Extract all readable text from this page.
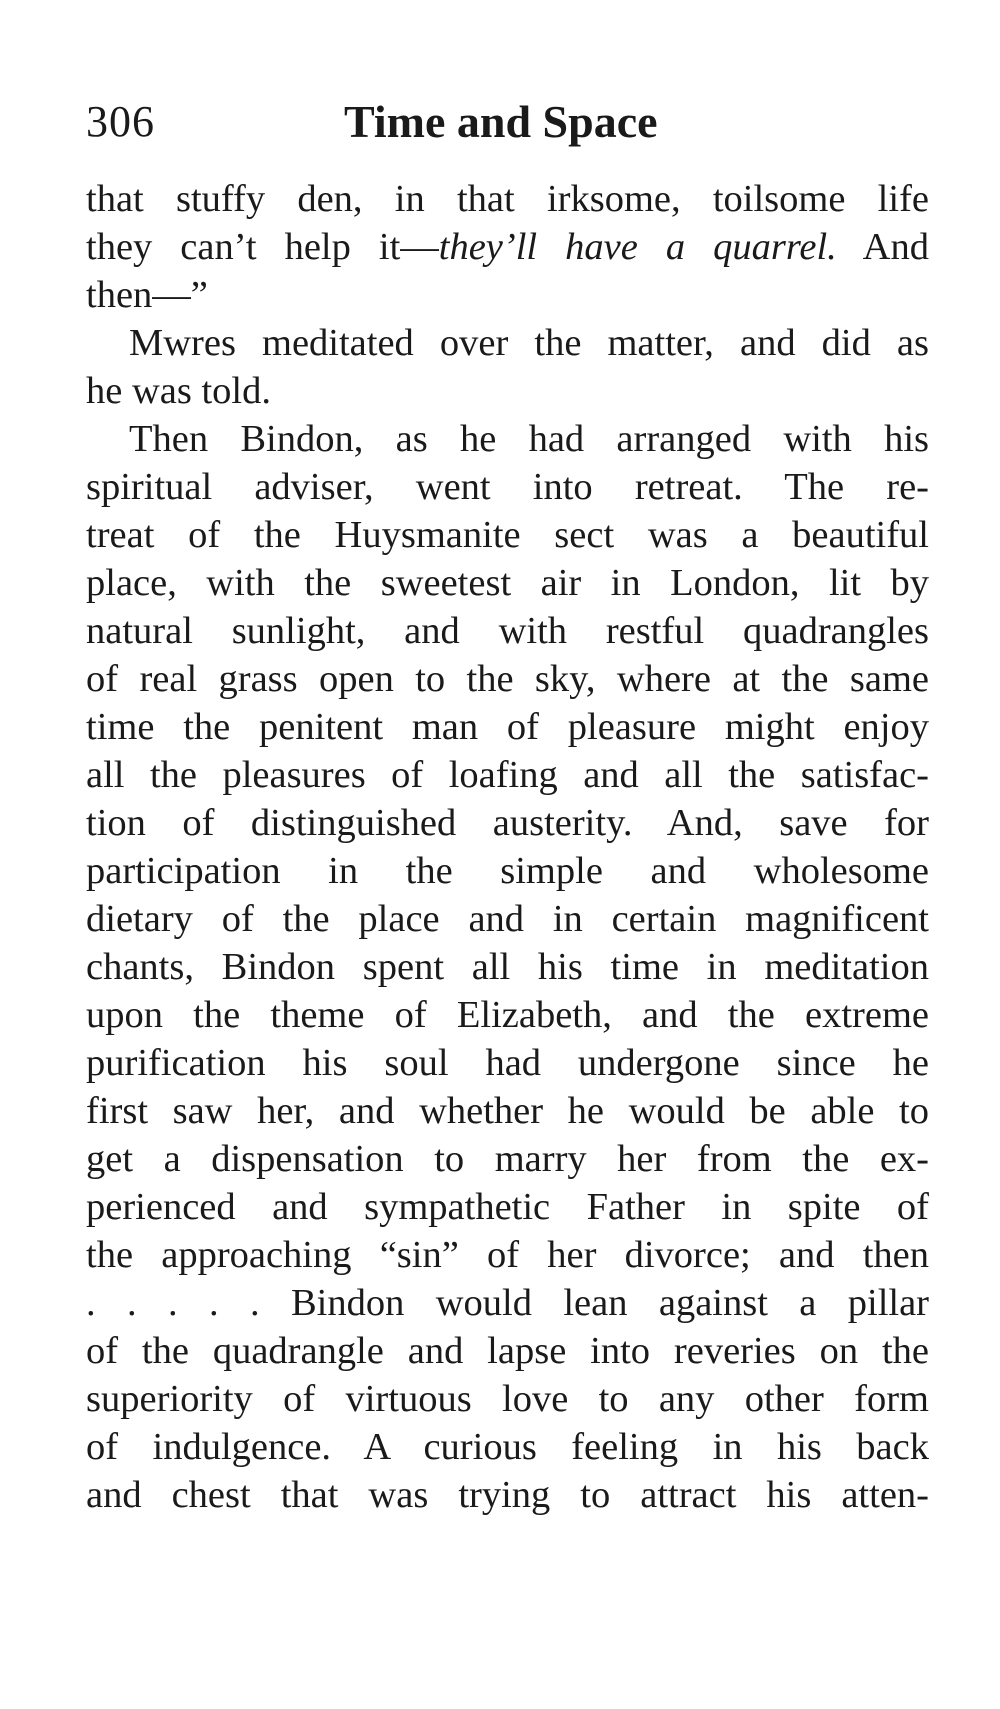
306	Time and Space
that stuffy den, in that irksome, toilsome life
they can’t help it—they’ll have a quarrel. And
then—”
Mwres meditated over the matter, and did as
he was told.
Then Bindon, as he had arranged with his
spiritual adviser, went into retreat. The re-
treat of the Huysmanite sect was a beautiful
place, with the sweetest air in London, lit by
natural sunlight, and with restful quadrangles
of real grass open to the sky, where at the same
time the penitent man of pleasure might enjoy
all the pleasures of loafing and all the satisfac-
tion of distinguished austerity. And, save for
participation in the simple and wholesome
dietary of the place and in certain magnificent
chants, Bindon spent all his time in meditation
upon the theme of Elizabeth, and the extreme
purification his soul had undergone since he
first saw her, and whether he would be able to
get a dispensation to marry her from the ex-
perienced and sympathetic Father in spite of
the approaching “sin” of her divorce; and then
. . . . . Bindon would lean against a pillar
of the quadrangle and lapse into reveries on the
superiority of virtuous love to any other form
of indulgence. A curious feeling in his back
and chest that was trying to attract his atten-
